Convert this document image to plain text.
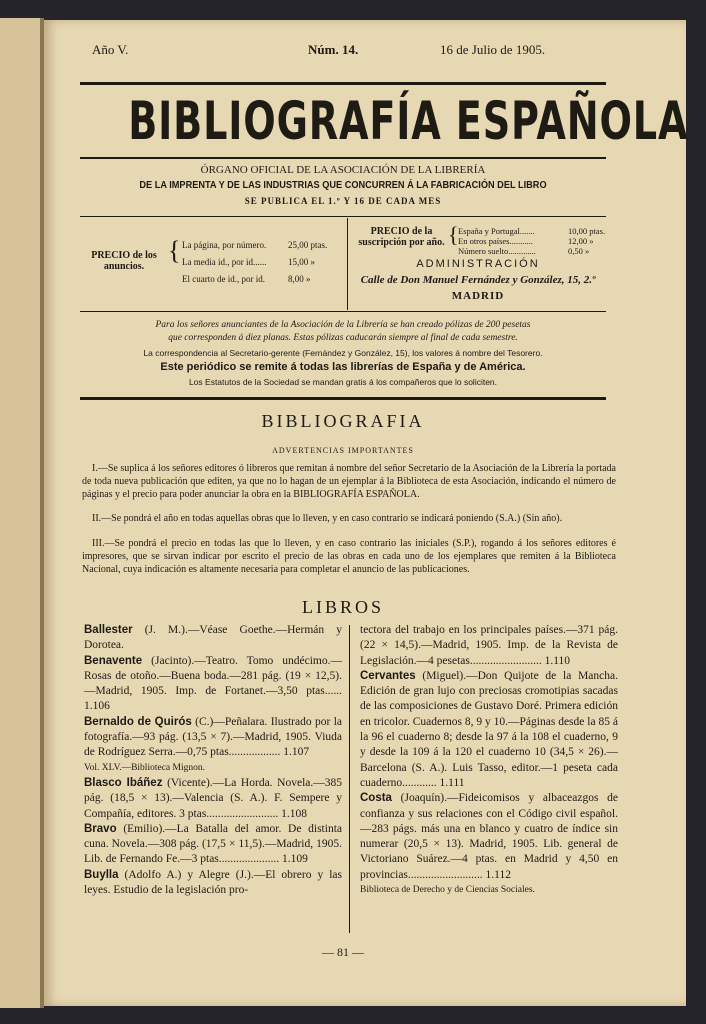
Año V.	Núm. 14.	16 de Julio de 1905.
BIBLIOGRAFÍA ESPAÑOLA
ÓRGANO OFICIAL DE LA ASOCIACIÓN DE LA LIBRERÍA
DE LA IMPRENTA Y DE LAS INDUSTRIAS QUE CONCURREN Á LA FABRICACIÓN DEL LIBRO
SE PUBLICA EL 1.º Y 16 DE CADA MES
PRECIO de los anuncios.
{ La página, por número.	25,00 ptas.
La media id., por id......	15,00 »
El cuarto de id., por id.	8,00 »
PRECIO de la suscripción por año. { España y Portugal.......	10,00 ptas.
En otros países...........	12,00 »
Número suelto.............	0,50 »
ADMINISTRACIÓN
Calle de Don Manuel Fernández y González, 15, 2.º
MADRID
Para los señores anunciantes de la Asociación de la Librería se han creado pólizas de 200 pesetas
que corresponden á diez planas. Estas pólizas caducarán siempre al final de cada semestre.
La correspondencia al Secretario-gerente (Fernández y González, 15), los valores á nombre del Tesorero.
Este periódico se remite á todas las librerías de España y de América.
Los Estatutos de la Sociedad se mandan gratis á los compañeros que lo soliciten.
BIBLIOGRAFIA
ADVERTENCIAS IMPORTANTES
I.—Se suplica á los señores editores ó libreros que remitan á nombre del señor Secretario de la Asociación de la Librería la portada de toda nueva publicación que editen, ya que no lo hagan de un ejemplar á la Biblioteca de esta Asociación, indicando el número de páginas y el precio para poder anunciar la obra en la BIBLIOGRAFÍA ESPAÑOLA.
II.—Se pondrá el año en todas aquellas obras que lo lleven, y en caso contrario se indicará poniendo (S.A.) (Sin año).
III.—Se pondrá el precio en todas las que lo lleven, y en caso contrario las iniciales (S.P.), rogando á los señores editores é impresores, que se sirvan indicar por escrito el precio de las obras en cada uno de los ejemplares que remiten á la Biblioteca Nacional, cuya indicación es altamente necesaria para completar el anuncio de las publicaciones.
LIBROS
Ballester (J. M.).—Véase Goethe.—Hermán y Dorotea.
Benavente (Jacinto).—Teatro. Tomo undécimo.—Rosas de otoño.—Buena boda.—281 pág. (19 × 12,5).—Madrid, 1905. Imp. de Fortanet.—3,50 ptas...... 1.106
Bernaldo de Quirós (C.)—Peñalara. Ilustrado por la fotografía.—93 pág. (13,5 × 7).—Madrid, 1905. Viuda de Rodríguez Serra.—0,75 ptas.................. 1.107
Vol. XLV.—Biblioteca Mignon.
Blasco Ibáñez (Vicente).—La Horda. Novela.—385 pág. (18,5 × 13).—Valencia (S. A.). F. Sempere y Compañía, editores. 3 ptas......................... 1.108
Bravo (Emilio).—La Batalla del amor. De distinta cuna. Novela.—308 pág. (17,5 × 11,5).—Madrid, 1905. Lib. de Fernando Fe.—3 ptas..................... 1.109
Buylla (Adolfo A.) y Alegre (J.).—El obrero y las leyes. Estudio de la legislación pro-
tectora del trabajo en los principales países.—371 pág. (22 × 14,5).—Madrid, 1905. Imp. de la Revista de Legislación.—4 pesetas......................... 1.110
Cervantes (Miguel).—Don Quijote de la Mancha. Edición de gran lujo con preciosas cromotipias sacadas de las composiciones de Gustavo Doré. Primera edición en tricolor. Cuadernos 8, 9 y 10.—Páginas desde la 85 á la 96 el cuaderno 8; desde la 97 á la 108 el cuaderno, 9 y desde la 109 á la 120 el cuaderno 10 (34,5 × 26).—Barcelona (S. A.). Luis Tasso, editor.—1 peseta cada cuaderno............ 1.111
Costa (Joaquín).—Fideicomisos y albaceazgos de confianza y sus relaciones con el Código civil español.—283 págs. más una en blanco y cuatro de índice sin numerar (20,5 × 13). Madrid, 1905. Lib. general de Victoriano Suárez.—4 ptas. en Madrid y 4,50 en provincias.......................... 1.112
Biblioteca de Derecho y de Ciencias Sociales.
— 81 —
